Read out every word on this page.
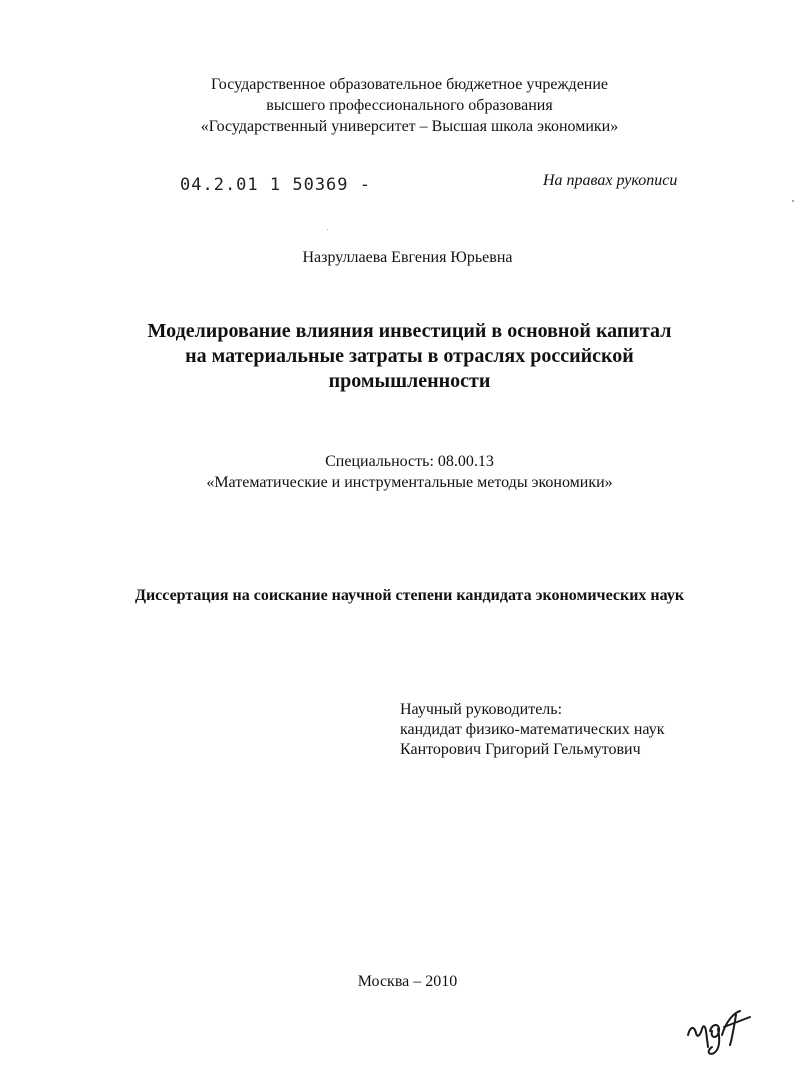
Государственное образовательное бюджетное учреждение
высшего профессионального образования
«Государственный университет – Высшая школа экономики»
04.2.01 1 50369 -	На правах рукописи
Назруллаева Евгения Юрьевна
Моделирование влияния инвестиций в основной капитал
на материальные затраты в отраслях российской
промышленности
Специальность: 08.00.13
«Математические и инструментальные методы экономики»
Диссертация на соискание научной степени кандидата экономических наук
Научный руководитель:
кандидат физико-математических наук
Канторович Григорий Гельмутович
Москва – 2010
